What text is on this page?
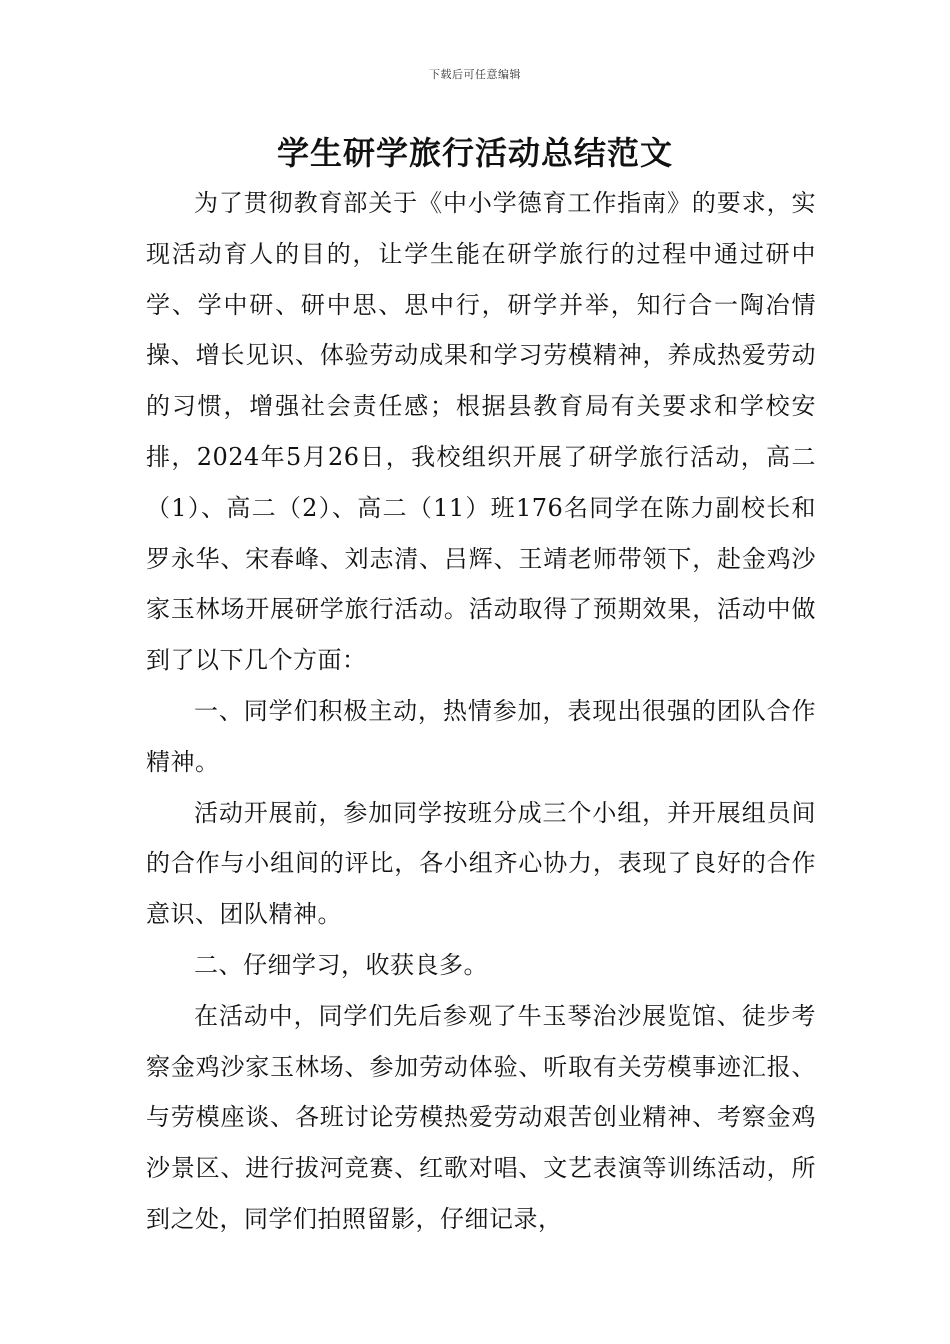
下载后可任意编辑
学生研学旅行活动总结范文

为了贯彻教育部关于《中小学德育工作指南》的要求，实现活动育人的目的，让学生能在研学旅行的过程中通过研中学、学中研、研中思、思中行，研学并举，知行合一陶冶情操、增长见识、体验劳动成果和学习劳模精神，养成热爱劳动的习惯，增强社会责任感；根据县教育局有关要求和学校安排，2024年5月26日，我校组织开展了研学旅行活动，高二（1）、高二（2）、高二（11）班176名同学在陈力副校长和罗永华、宋春峰、刘志清、吕辉、王靖老师带领下，赴金鸡沙家玉林场开展研学旅行活动。活动取得了预期效果，活动中做到了以下几个方面：

一、同学们积极主动，热情参加，表现出很强的团队合作精神。

活动开展前，参加同学按班分成三个小组，并开展组员间的合作与小组间的评比，各小组齐心协力，表现了良好的合作意识、团队精神。

二、仔细学习，收获良多。

在活动中，同学们先后参观了牛玉琴治沙展览馆、徒步考察金鸡沙家玉林场、参加劳动体验、听取有关劳模事迹汇报、与劳模座谈、各班讨论劳模热爱劳动艰苦创业精神、考察金鸡沙景区、进行拔河竞赛、红歌对唱、文艺表演等训练活动，所到之处，同学们拍照留影，仔细记录，
